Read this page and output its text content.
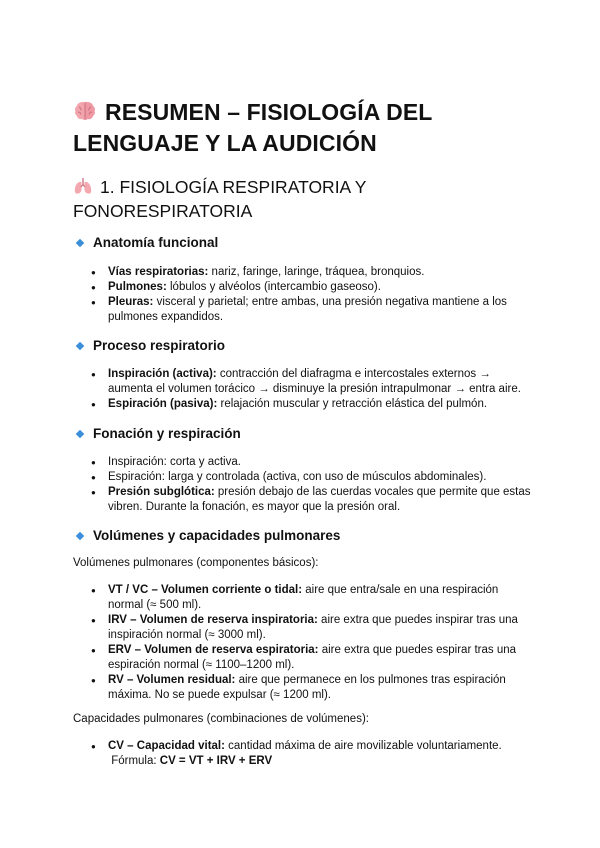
RESUMEN – FISIOLOGÍA DEL LENGUAJE Y LA AUDICIÓN
1. FISIOLOGÍA RESPIRATORIA Y FONORESPIRATORIA
Anatomía funcional
● Vías respiratorias: nariz, faringe, laringe, tráquea, bronquios.
● Pulmones: lóbulos y alvéolos (intercambio gaseoso).
● Pleuras: visceral y parietal; entre ambas, una presión negativa mantiene a los pulmones expandidos.
Proceso respiratorio
● Inspiración (activa): contracción del diafragma e intercostales externos → aumenta el volumen torácico → disminuye la presión intrapulmonar → entra aire.
● Espiración (pasiva): relajación muscular y retracción elástica del pulmón.
Fonación y respiración
● Inspiración: corta y activa.
● Espiración: larga y controlada (activa, con uso de músculos abdominales).
● Presión subglótica: presión debajo de las cuerdas vocales que permite que estas vibren. Durante la fonación, es mayor que la presión oral.
Volúmenes y capacidades pulmonares
Volúmenes pulmonares (componentes básicos):
● VT / VC – Volumen corriente o tidal: aire que entra/sale en una respiración normal (≈ 500 ml).
● IRV – Volumen de reserva inspiratoria: aire extra que puedes inspirar tras una inspiración normal (≈ 3000 ml).
● ERV – Volumen de reserva espiratoria: aire extra que puedes espirar tras una espiración normal (≈ 1100–1200 ml).
● RV – Volumen residual: aire que permanece en los pulmones tras espiración máxima. No se puede expulsar (≈ 1200 ml).
Capacidades pulmonares (combinaciones de volúmenes):
● CV – Capacidad vital: cantidad máxima de aire movilizable voluntariamente.
Fórmula: CV = VT + IRV + ERV
